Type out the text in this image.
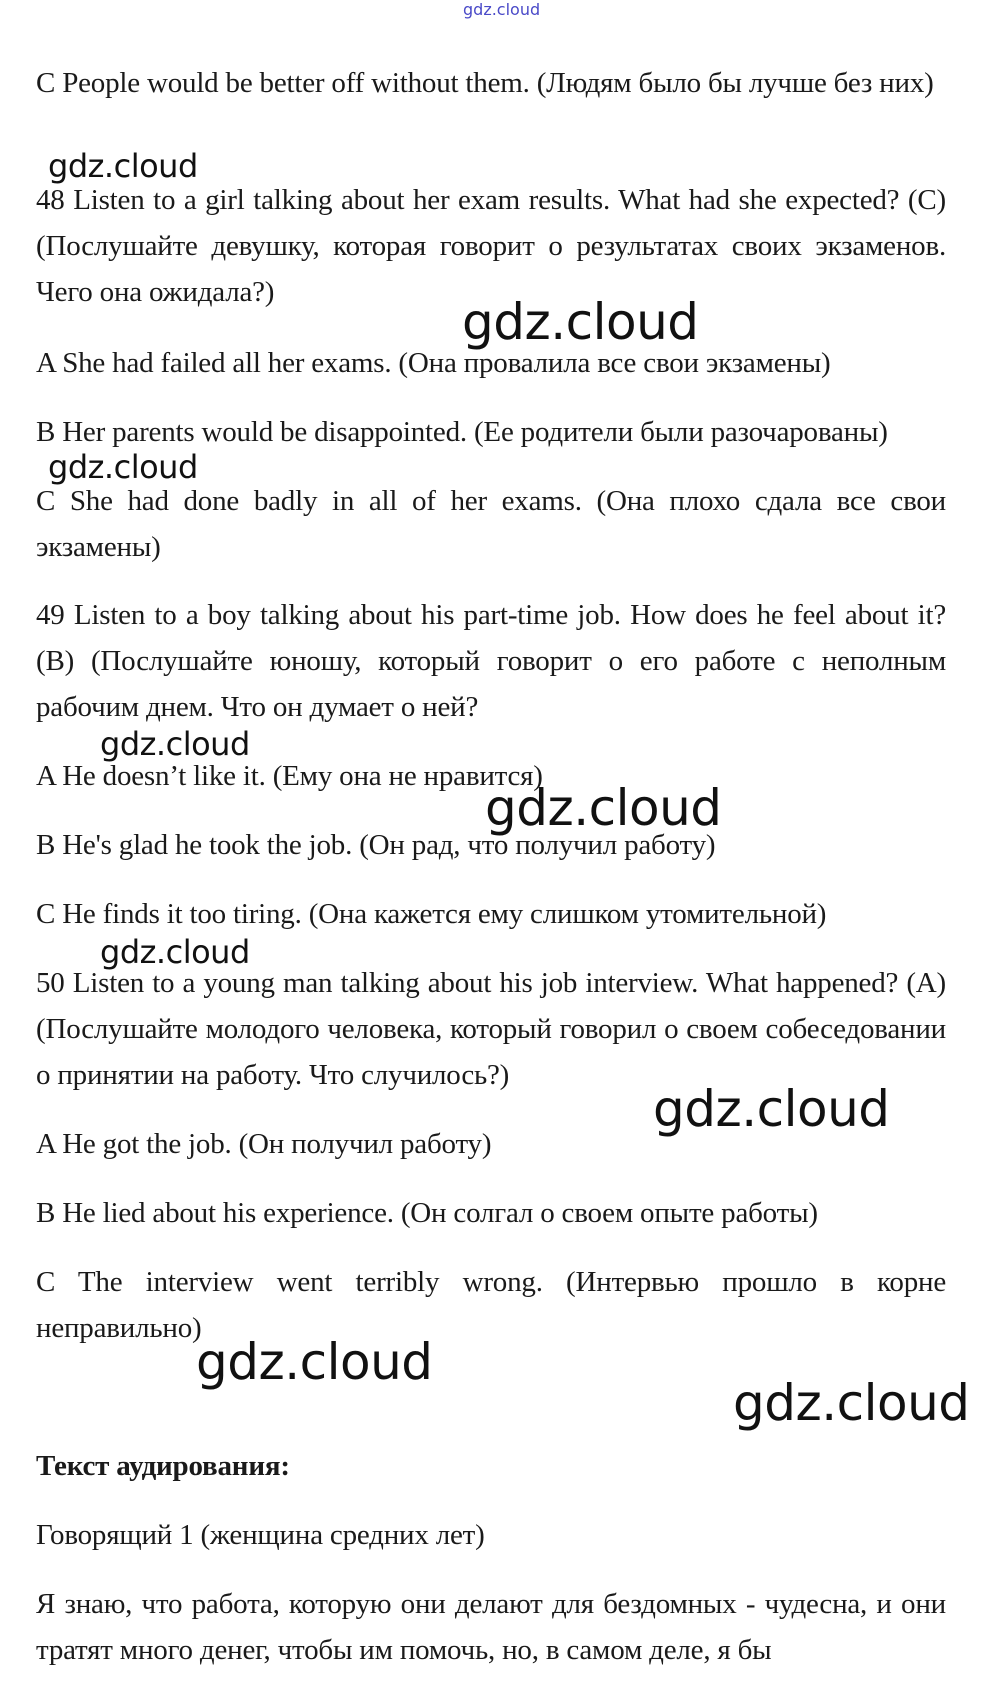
gdz.cloud

C People would be better off without them. (Людям было бы лучше без них)

48 Listen to a girl talking about her exam results. What had she expected? (C) (Послушайте девушку, которая говорит о результатах своих экзаменов. Чего она ожидала?)

A She had failed all her exams. (Она провалила все свои экзамены)

B Her parents would be disappointed. (Ее родители были разочарованы)

C She had done badly in all of her exams. (Она плохо сдала все свои экзамены)

49 Listen to a boy talking about his part-time job. How does he feel about it? (B) (Послушайте юношу, который говорит о его работе с неполным рабочим днем. Что он думает о ней?

A He doesn’t like it. (Ему она не нравится)

B He's glad he took the job. (Он рад, что получил работу)

C He finds it too tiring. (Она кажется ему слишком утомительной)

50 Listen to a young man talking about his job interview. What happened? (A) (Послушайте молодого человека, который говорил о своем собеседовании о принятии на работу. Что случилось?)

A He got the job. (Он получил работу)

B He lied about his experience. (Он солгал о своем опыте работы)

C The interview went terribly wrong. (Интервью прошло в корне неправильно)

Текст аудирования:

Говорящий 1 (женщина средних лет)

Я знаю, что работа, которую они делают для бездомных - чудесна, и они тратят много денег, чтобы им помочь, но, в самом деле, я бы

gdz.cloud
gdz.cloud
gdz.cloud
gdz.cloud
gdz.cloud
gdz.cloud
gdz.cloud
gdz.cloud
gdz.cloud
